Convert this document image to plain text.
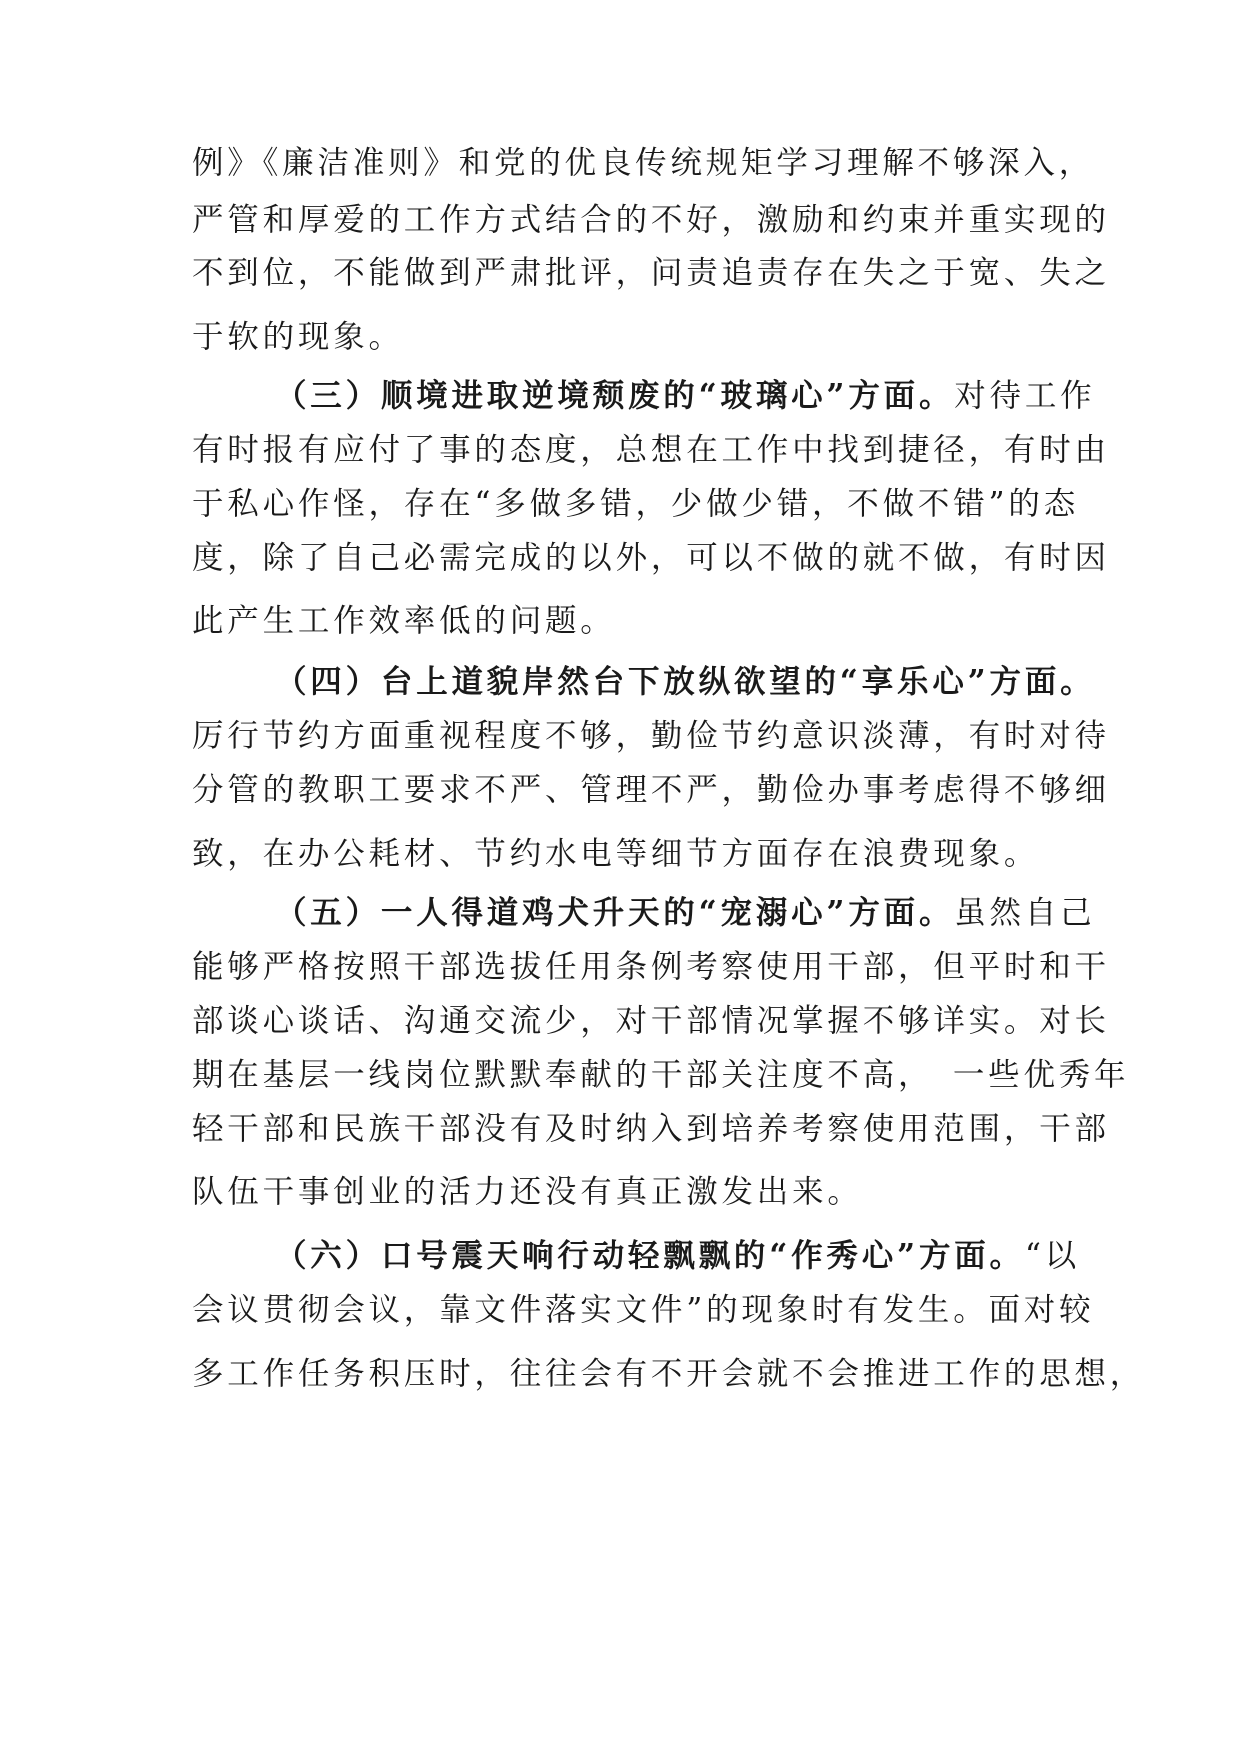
例》《廉洁准则》和党的优良传统规矩学习理解不够深入，
严管和厚爱的工作方式结合的不好，激励和约束并重实现的
不到位，不能做到严肃批评，问责追责存在失之于宽、失之
于软的现象。
（三）顺境进取逆境颓废的“玻璃心”方面。对待工作
有时报有应付了事的态度，总想在工作中找到捷径，有时由
于私心作怪，存在“多做多错，少做少错，不做不错”的态
度，除了自己必需完成的以外，可以不做的就不做，有时因
此产生工作效率低的问题。
（四）台上道貌岸然台下放纵欲望的“享乐心”方面。
厉行节约方面重视程度不够，勤俭节约意识淡薄，有时对待
分管的教职工要求不严、管理不严，勤俭办事考虑得不够细
致，在办公耗材、节约水电等细节方面存在浪费现象。
（五）一人得道鸡犬升天的“宠溺心”方面。虽然自己
能够严格按照干部选拔任用条例考察使用干部，但平时和干
部谈心谈话、沟通交流少，对干部情况掌握不够详实。对长
期在基层一线岗位默默奉献的干部关注度不高，　一些优秀年
轻干部和民族干部没有及时纳入到培养考察使用范围，干部
队伍干事创业的活力还没有真正激发出来。
（六）口号震天响行动轻飘飘的“作秀心”方面。“以
会议贯彻会议，靠文件落实文件”的现象时有发生。面对较
多工作任务积压时，往往会有不开会就不会推进工作的思想，
